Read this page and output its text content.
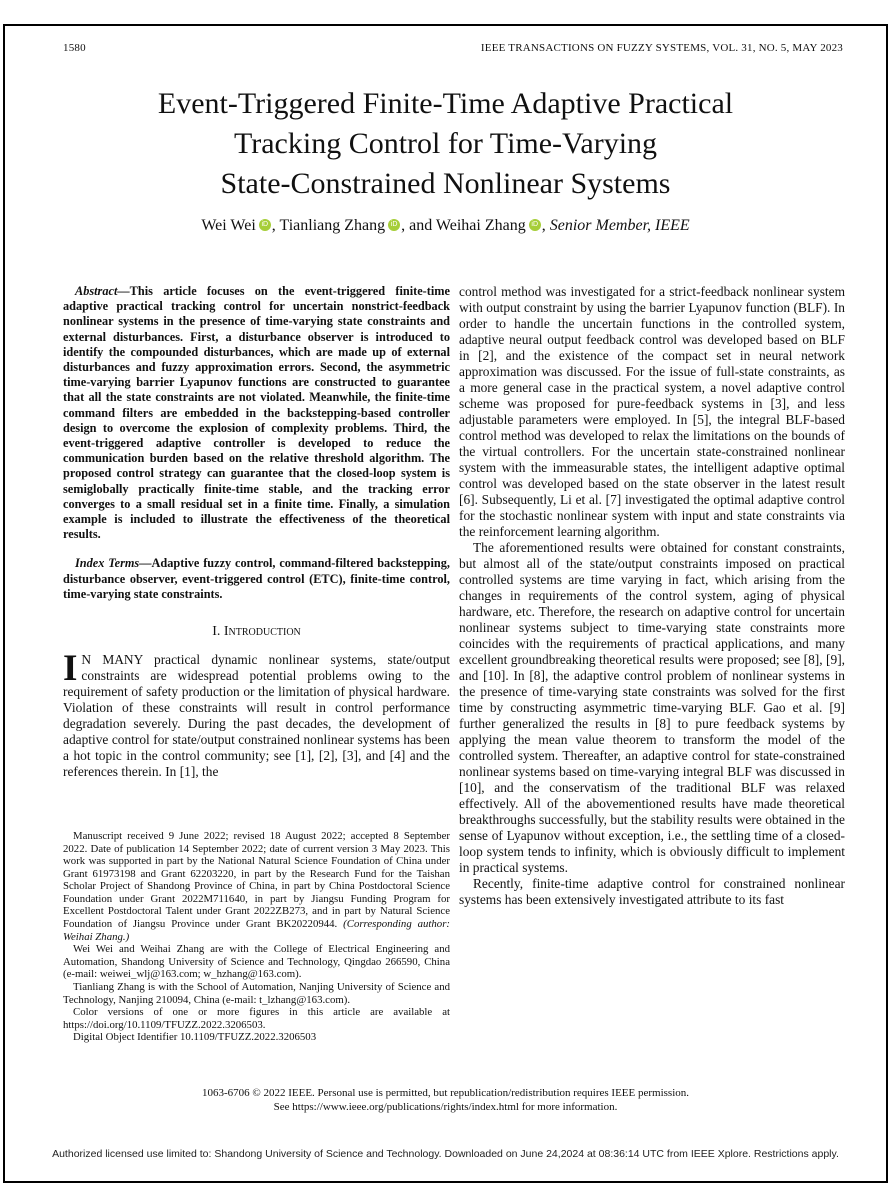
1580	IEEE TRANSACTIONS ON FUZZY SYSTEMS, VOL. 31, NO. 5, MAY 2023
Event-Triggered Finite-Time Adaptive Practical
Tracking Control for Time-Varying
State-Constrained Nonlinear Systems
Wei Wei iD , Tianliang Zhang iD , and Weihai Zhang iD , Senior Member, IEEE

Abstract—This article focuses on the event-triggered finite-time adaptive practical tracking control for uncertain nonstrict-feedback nonlinear systems in the presence of time-varying state constraints and external disturbances. First, a disturbance observer is introduced to identify the compounded disturbances, which are made up of external disturbances and fuzzy approximation errors. Second, the asymmetric time-varying barrier Lyapunov functions are constructed to guarantee that all the state constraints are not violated. Meanwhile, the finite-time command filters are embedded in the backstepping-based controller design to overcome the explosion of complexity problems. Third, the event-triggered adaptive controller is developed to reduce the communication burden based on the relative threshold algorithm. The proposed control strategy can guarantee that the closed-loop system is semiglobally practically finite-time stable, and the tracking error converges to a small residual set in a finite time. Finally, a simulation example is included to illustrate the effectiveness of the theoretical results.

Index Terms—Adaptive fuzzy control, command-filtered backstepping, disturbance observer, event-triggered control (ETC), finite-time control, time-varying state constraints.

I. Introduction

I N MANY practical dynamic nonlinear systems, state/output constraints are widespread potential problems owing to the requirement of safety production or the limitation of physical hardware. Violation of these constraints will result in control performance degradation severely. During the past decades, the development of adaptive control for state/output constrained nonlinear systems has been a hot topic in the control community; see [1], [2], [3], and [4] and the references therein. In [1], the

Manuscript received 9 June 2022; revised 18 August 2022; accepted 8 September 2022. Date of publication 14 September 2022; date of current version 3 May 2023. This work was supported in part by the National Natural Science Foundation of China under Grant 61973198 and Grant 62203220, in part by the Research Fund for the Taishan Scholar Project of Shandong Province of China, in part by China Postdoctoral Science Foundation under Grant 2022M711640, in part by Jiangsu Funding Program for Excellent Postdoctoral Talent under Grant 2022ZB273, and in part by Natural Science Foundation of Jiangsu Province under Grant BK20220944. (Corresponding author: Weihai Zhang.)

Wei Wei and Weihai Zhang are with the College of Electrical Engineering and Automation, Shandong University of Science and Technology, Qingdao 266590, China (e-mail: weiwei_wlj@163.com; w_hzhang@163.com).

Tianliang Zhang is with the School of Automation, Nanjing University of Science and Technology, Nanjing 210094, China (e-mail: t_lzhang@163.com).

Color versions of one or more figures in this article are available at https://doi.org/10.1109/TFUZZ.2022.3206503.

Digital Object Identifier 10.1109/TFUZZ.2022.3206503

control method was investigated for a strict-feedback nonlinear system with output constraint by using the barrier Lyapunov function (BLF). In order to handle the uncertain functions in the controlled system, adaptive neural output feedback control was developed based on BLF in [2], and the existence of the compact set in neural network approximation was discussed. For the issue of full-state constraints, as a more general case in the practical system, a novel adaptive control scheme was proposed for pure-feedback systems in [3], and less adjustable parameters were employed. In [5], the integral BLF-based control method was developed to relax the limitations on the bounds of the virtual controllers. For the uncertain state-constrained nonlinear system with the immeasurable states, the intelligent adaptive optimal control was developed based on the state observer in the latest result [6]. Subsequently, Li et al. [7] investigated the optimal adaptive control for the stochastic nonlinear system with input and state constraints via the reinforcement learning algorithm.

The aforementioned results were obtained for constant constraints, but almost all of the state/output constraints imposed on practical controlled systems are time varying in fact, which arising from the changes in requirements of the control system, aging of physical hardware, etc. Therefore, the research on adaptive control for uncertain nonlinear systems subject to time-varying state constraints more coincides with the requirements of practical applications, and many excellent groundbreaking theoretical results were proposed; see [8], [9], and [10]. In [8], the adaptive control problem of nonlinear systems in the presence of time-varying state constraints was solved for the first time by constructing asymmetric time-varying BLF. Gao et al. [9] further generalized the results in [8] to pure feedback systems by applying the mean value theorem to transform the model of the controlled system. Thereafter, an adaptive control for state-constrained nonlinear systems based on time-varying integral BLF was discussed in [10], and the conservatism of the traditional BLF was relaxed effectively. All of the abovementioned results have made theoretical breakthroughs successfully, but the stability results were obtained in the sense of Lyapunov without exception, i.e., the settling time of a closed-loop system tends to infinity, which is obviously difficult to implement in practical systems.

Recently, finite-time adaptive control for constrained nonlinear systems has been extensively investigated attribute to its fast

1063-6706 © 2022 IEEE. Personal use is permitted, but republication/redistribution requires IEEE permission.
See https://www.ieee.org/publications/rights/index.html for more information.
Authorized licensed use limited to: Shandong University of Science and Technology. Downloaded on June 24,2024 at 08:36:14 UTC from IEEE Xplore. Restrictions apply.
